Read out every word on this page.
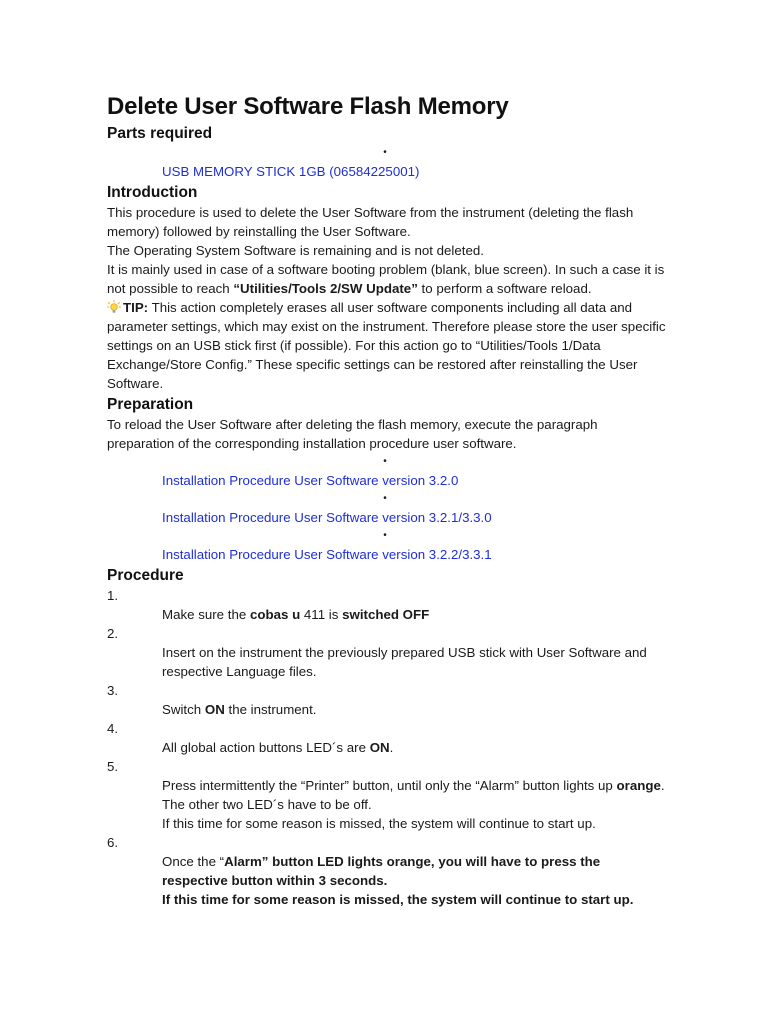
Delete User Software Flash Memory
Parts required
•
USB MEMORY STICK 1GB (06584225001)
Introduction

This procedure is used to delete the User Software from the instrument (deleting the flash memory) followed by reinstalling the User Software.

The Operating System Software is remaining and is not deleted.

It is mainly used in case of a software booting problem (blank, blue screen). In such a case it is not possible to reach “Utilities/Tools 2/SW Update” to perform a software reload.

TIP: This action completely erases all user software components including all data and parameter settings, which may exist on the instrument. Therefore please store the user specific settings on an USB stick first (if possible). For this action go to “Utilities/Tools 1/Data Exchange/Store Config.” These specific settings can be restored after reinstalling the User Software.

Preparation

To reload the User Software after deleting the flash memory, execute the paragraph preparation of the corresponding installation procedure user software.

•
Installation Procedure User Software version 3.2.0
•
Installation Procedure User Software version 3.2.1/3.3.0
•
Installation Procedure User Software version 3.2.2/3.3.1
Procedure
1.
Make sure the cobas u 411 is switched OFF
2.
Insert on the instrument the previously prepared USB stick with User Software and respective Language files.
3.
Switch ON the instrument.
4.
All global action buttons LED´s are ON.
5.
Press intermittently the “Printer” button, until only the “Alarm” button lights up orange.
The other two LED´s have to be off.
If this time for some reason is missed, the system will continue to start up.
6.
Once the “Alarm” button LED lights orange, you will have to press the respective button within 3 seconds.
If this time for some reason is missed, the system will continue to start up.
